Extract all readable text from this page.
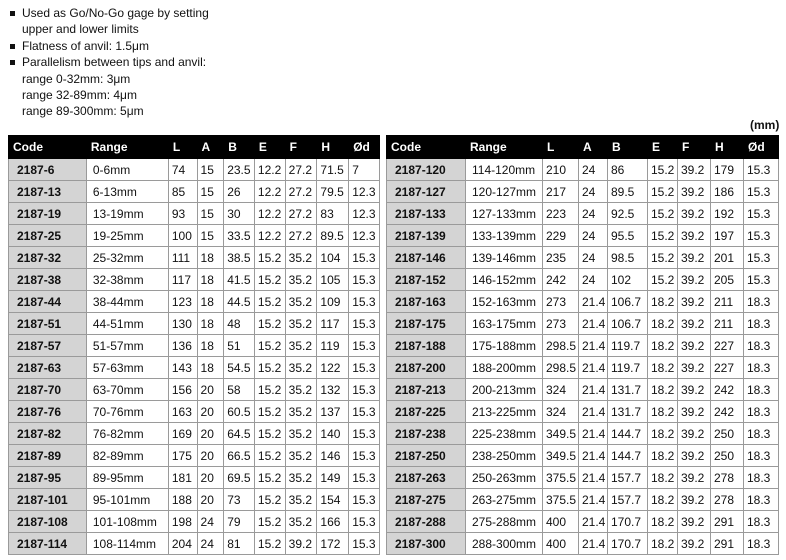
Used as Go/No-Go gage by setting
upper and lower limits
Flatness of anvil: 1.5μm
Parallelism between tips and anvil:
range 0-32mm: 3μm
range 32-89mm: 4μm
range 89-300mm: 5μm
(mm)
Code	Range	L	A	B	E	F	H	Ød
2187-6	0-6mm	74	15	23.5	12.2	27.2	71.5	7
2187-13	6-13mm	85	15	26	12.2	27.2	79.5	12.3
2187-19	13-19mm	93	15	30	12.2	27.2	83	12.3
2187-25	19-25mm	100	15	33.5	12.2	27.2	89.5	12.3
2187-32	25-32mm	111	18	38.5	15.2	35.2	104	15.3
2187-38	32-38mm	117	18	41.5	15.2	35.2	105	15.3
2187-44	38-44mm	123	18	44.5	15.2	35.2	109	15.3
2187-51	44-51mm	130	18	48	15.2	35.2	117	15.3
2187-57	51-57mm	136	18	51	15.2	35.2	119	15.3
2187-63	57-63mm	143	18	54.5	15.2	35.2	122	15.3
2187-70	63-70mm	156	20	58	15.2	35.2	132	15.3
2187-76	70-76mm	163	20	60.5	15.2	35.2	137	15.3
2187-82	76-82mm	169	20	64.5	15.2	35.2	140	15.3
2187-89	82-89mm	175	20	66.5	15.2	35.2	146	15.3
2187-95	89-95mm	181	20	69.5	15.2	35.2	149	15.3
2187-101	95-101mm	188	20	73	15.2	35.2	154	15.3
2187-108	101-108mm	198	24	79	15.2	35.2	166	15.3
2187-114	108-114mm	204	24	81	15.2	39.2	172	15.3
Code	Range	L	A	B	E	F	H	Ød
2187-120	114-120mm	210	24	86	15.2	39.2	179	15.3
2187-127	120-127mm	217	24	89.5	15.2	39.2	186	15.3
2187-133	127-133mm	223	24	92.5	15.2	39.2	192	15.3
2187-139	133-139mm	229	24	95.5	15.2	39.2	197	15.3
2187-146	139-146mm	235	24	98.5	15.2	39.2	201	15.3
2187-152	146-152mm	242	24	102	15.2	39.2	205	15.3
2187-163	152-163mm	273	21.4	106.7	18.2	39.2	211	18.3
2187-175	163-175mm	273	21.4	106.7	18.2	39.2	211	18.3
2187-188	175-188mm	298.5	21.4	119.7	18.2	39.2	227	18.3
2187-200	188-200mm	298.5	21.4	119.7	18.2	39.2	227	18.3
2187-213	200-213mm	324	21.4	131.7	18.2	39.2	242	18.3
2187-225	213-225mm	324	21.4	131.7	18.2	39.2	242	18.3
2187-238	225-238mm	349.5	21.4	144.7	18.2	39.2	250	18.3
2187-250	238-250mm	349.5	21.4	144.7	18.2	39.2	250	18.3
2187-263	250-263mm	375.5	21.4	157.7	18.2	39.2	278	18.3
2187-275	263-275mm	375.5	21.4	157.7	18.2	39.2	278	18.3
2187-288	275-288mm	400	21.4	170.7	18.2	39.2	291	18.3
2187-300	288-300mm	400	21.4	170.7	18.2	39.2	291	18.3
